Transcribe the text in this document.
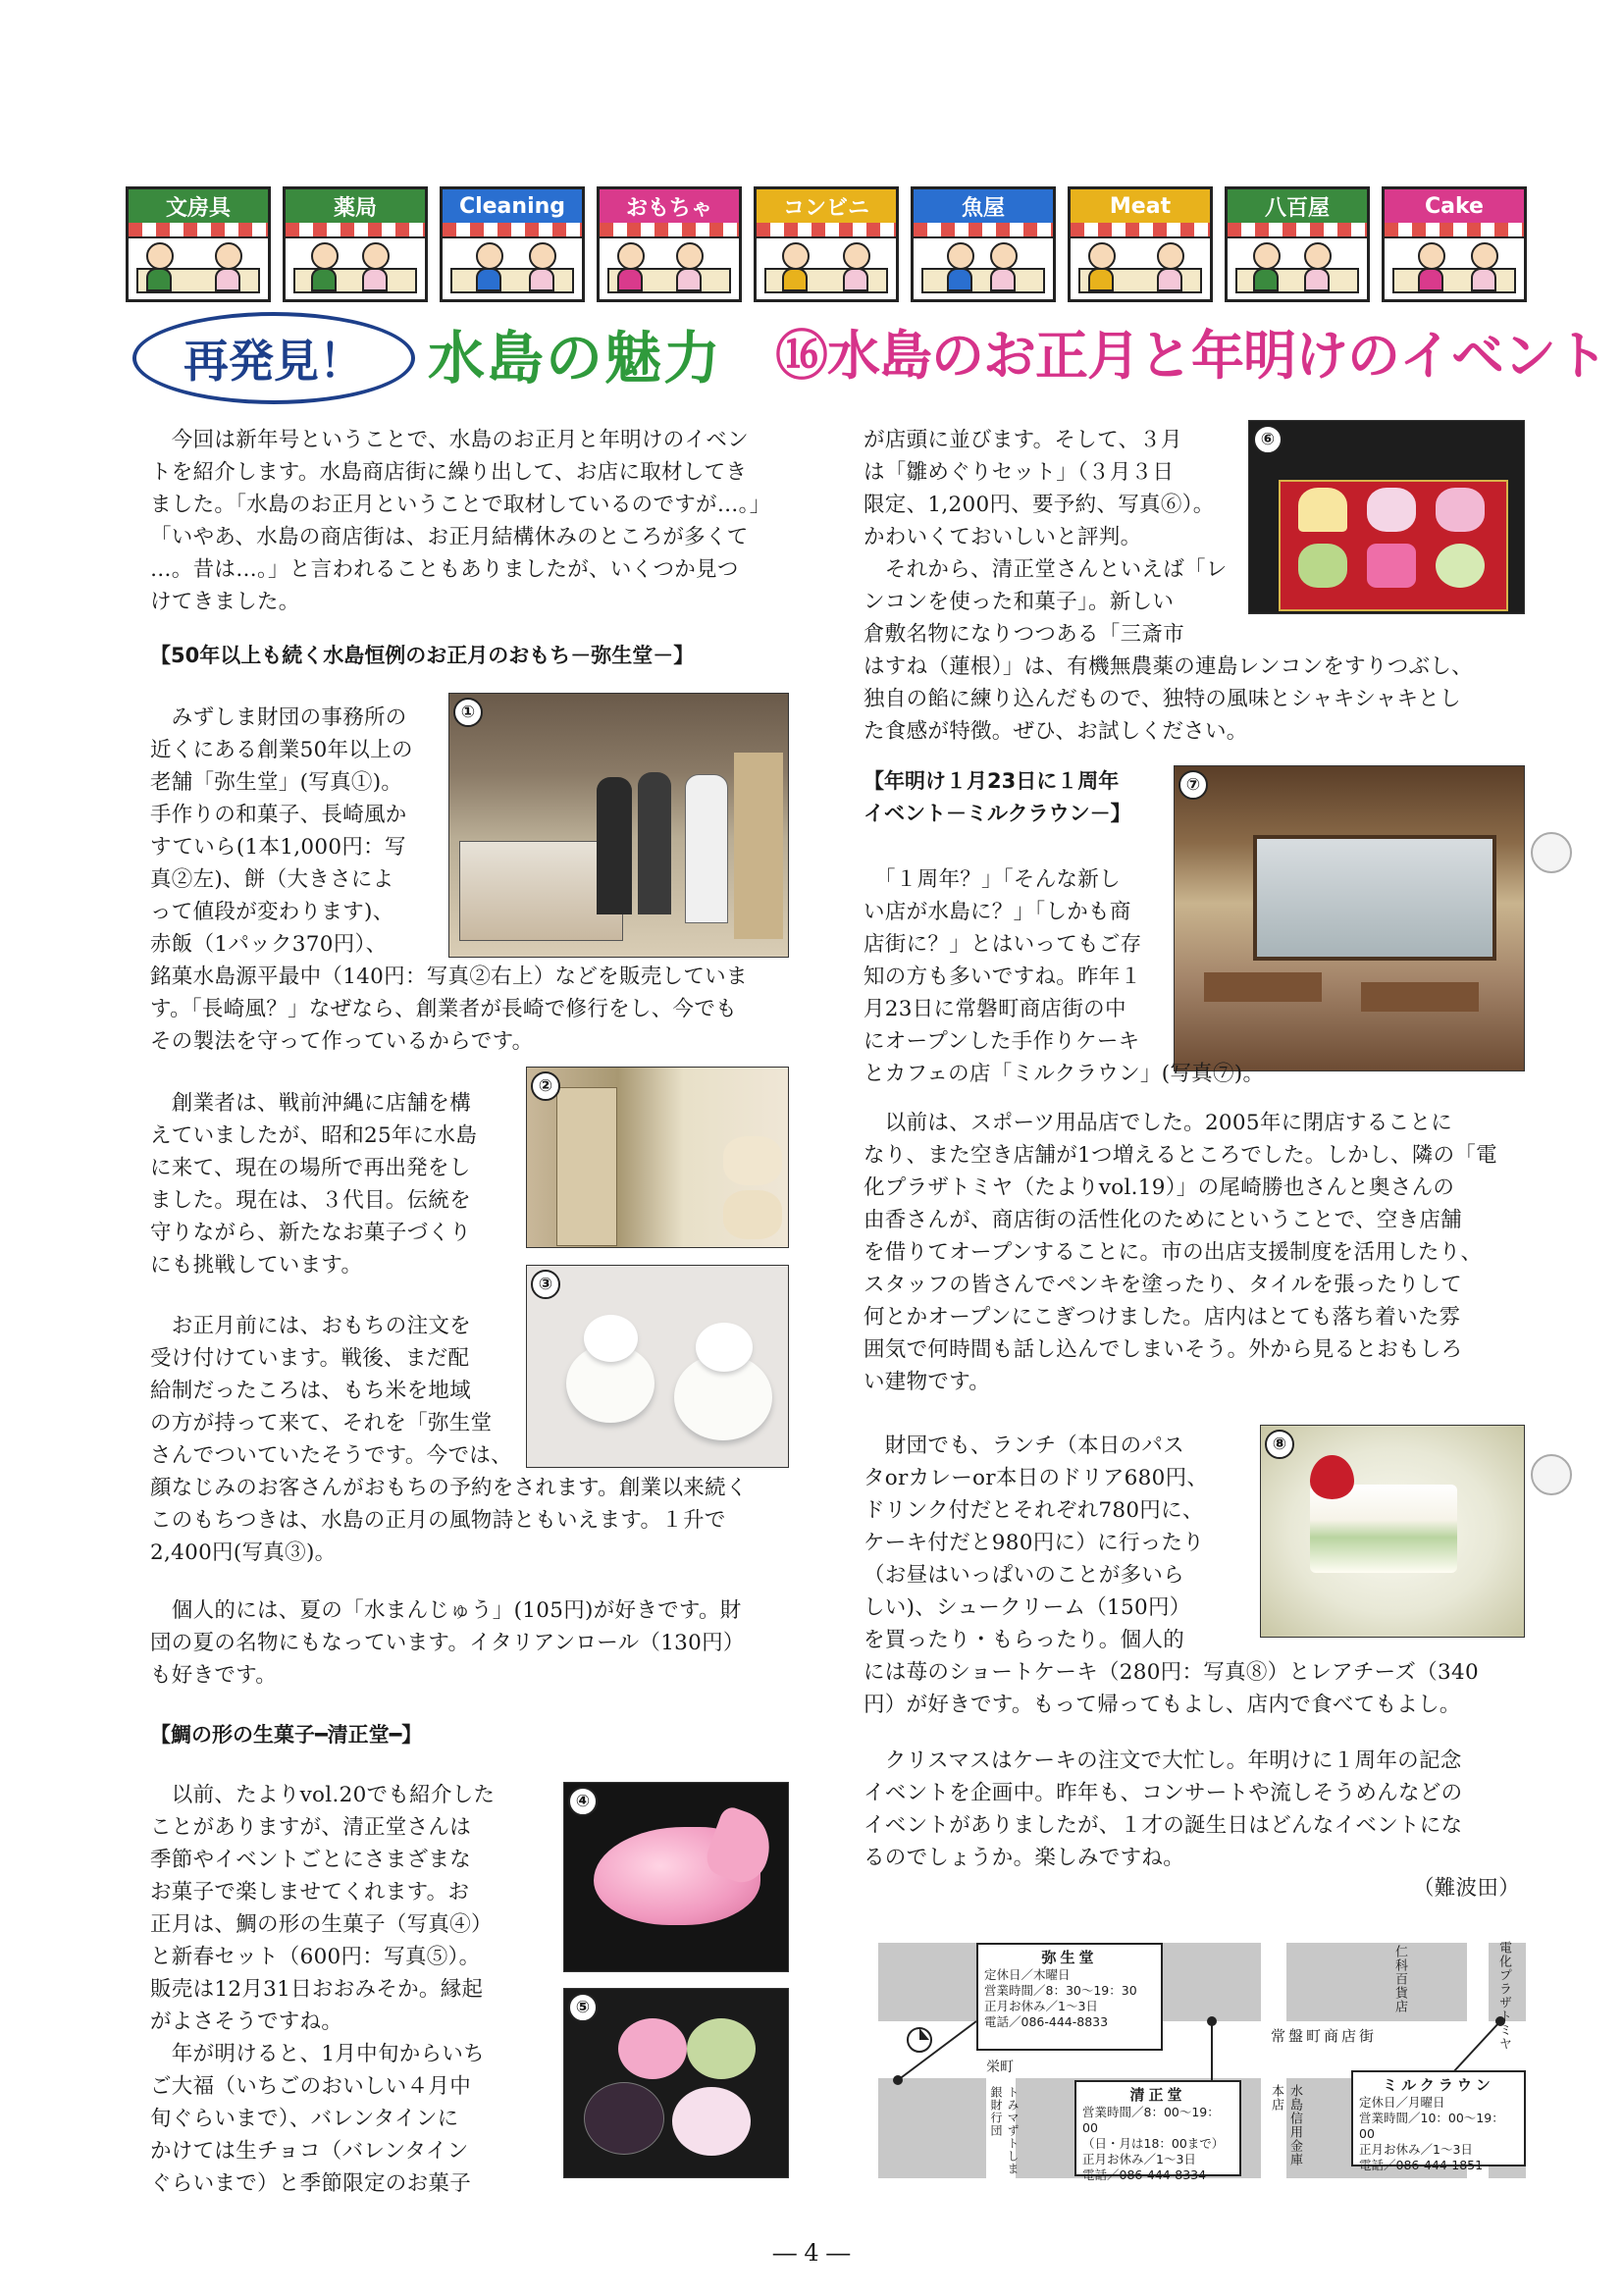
文房具	薬局	Cleaning	おもちゃ	コンビニ	魚屋	Meat	八百屋	Cake
再発見！ 水島の魅力 ⑯水島のお正月と年明けのイベント
　今回は新年号ということで、水島のお正月と年明けのイベン
トを紹介します。水島商店街に繰り出して、お店に取材してき
ました。「水島のお正月ということで取材しているのですが…。」
「いやあ、水島の商店街は、お正月結構休みのところが多くて
…。昔は…。」と言われることもありましたが、いくつか見つ
けてきました。
【50年以上も続く水島恒例のお正月のおもち－弥生堂－】
　みずしま財団の事務所の
近くにある創業50年以上の
老舗「弥生堂」(写真①)。
手作りの和菓子、長崎風か
すていら(1本1,000円：写
真②左)、餅（大きさによ
って値段が変わります)、
赤飯（1パック370円）、
銘菓水島源平最中（140円：写真②右上）などを販売していま
す。「長崎風？」なぜなら、創業者が長崎で修行をし、今でも
その製法を守って作っているからです。
①
　創業者は、戦前沖縄に店舗を構
えていましたが、昭和25年に水島
に来て、現在の場所で再出発をし
ました。現在は、３代目。伝統を
守りながら、新たなお菓子づくり
にも挑戦しています。
②
　お正月前には、おもちの注文を
受け付けています。戦後、まだ配
給制だったころは、もち米を地域
の方が持って来て、それを「弥生堂
さんでついていたそうです。今では、
③
顔なじみのお客さんがおもちの予約をされます。創業以来続く
このもちつきは、水島の正月の風物詩ともいえます。１升で
2,400円(写真③)。
　個人的には、夏の「水まんじゅう」(105円)が好きです。財
団の夏の名物にもなっています。イタリアンロール（130円）
も好きです。
【鯛の形の生菓子━清正堂━】
　以前、たよりvol.20でも紹介した
ことがありますが、清正堂さんは
季節やイベントごとにさまざまな
お菓子で楽しませてくれます。お
正月は、鯛の形の生菓子（写真④）
と新春セット（600円：写真⑤）。
販売は12月31日おおみそか。縁起
がよさそうですね。
　年が明けると、1月中旬からいち
ご大福（いちごのおいしい４月中
旬ぐらいまで）、バレンタインに
かけては生チョコ（バレンタイン
ぐらいまで）と季節限定のお菓子
④
⑤
が店頭に並びます。そして、３月
は「雛めぐりセット」（３月３日
限定、1,200円、要予約、写真⑥）。
かわいくておいしいと評判。
　それから、清正堂さんといえば「レ
ンコンを使った和菓子」。新しい
倉敷名物になりつつある「三斎市
⑥
はすね（蓮根）」は、有機無農薬の連島レンコンをすりつぶし、
独自の餡に練り込んだもので、独特の風味とシャキシャキとし
た食感が特徴。ぜひ、お試しください。
【年明け１月23日に１周年
イベント－ミルクラウン－】
⑦
　「１周年？」「そんな新し
い店が水島に？」「しかも商
店街に？」とはいってもご存
知の方も多いですね。昨年１
月23日に常磐町商店街の中
にオープンした手作りケーキ
とカフェの店「ミルクラウン」(写真⑦)。
　以前は、スポーツ用品店でした。2005年に閉店することに
なり、また空き店舗が1つ増えるところでした。しかし、隣の「電
化プラザトミヤ（たよりvol.19）」の尾崎勝也さんと奥さんの
由香さんが、商店街の活性化のためにということで、空き店舗
を借りてオープンすることに。市の出店支援制度を活用したり、
スタッフの皆さんでペンキを塗ったり、タイルを張ったりして
何とかオープンにこぎつけました。店内はとても落ち着いた雰
囲気で何時間も話し込んでしまいそう。外から見るとおもしろ
い建物です。
　財団でも、ランチ（本日のパス
タorカレーor本日のドリア680円、
ドリンク付だとそれぞれ780円に、
ケーキ付だと980円に）に行ったり
（お昼はいっぱいのことが多いら
しい)、シュークリーム（150円）
を買ったり・もらったり。個人的
⑧
には苺のショートケーキ（280円：写真⑧）とレアチーズ（340
円）が好きです。もって帰ってもよし、店内で食べてもよし。
　クリスマスはケーキの注文で大忙し。年明けに１周年の記念
イベントを企画中。昨年も、コンサートや流しそうめんなどの
イベントがありましたが、１才の誕生日はどんなイベントにな
るのでしょうか。楽しみですね。
（難波田）
弥生堂
定休日／木曜日
営業時間／8：30～19：30
正月お休み／1～3日
電話／086-444-8833
清正堂
営業時間／8：00～19：00
（日・月は18：00まで）
正月お休み／1～3日
電話／086-444-8334
ミルクラウン
定休日／月曜日
営業時間／10：00～19：00
正月お休み／1～3日
電話／086-444-1851
栄町
常盤町商店街
仁科百貨店	電化プラザトミヤ
トみマずトしま銀財行団	水島信用金庫本店
― 4 ―
